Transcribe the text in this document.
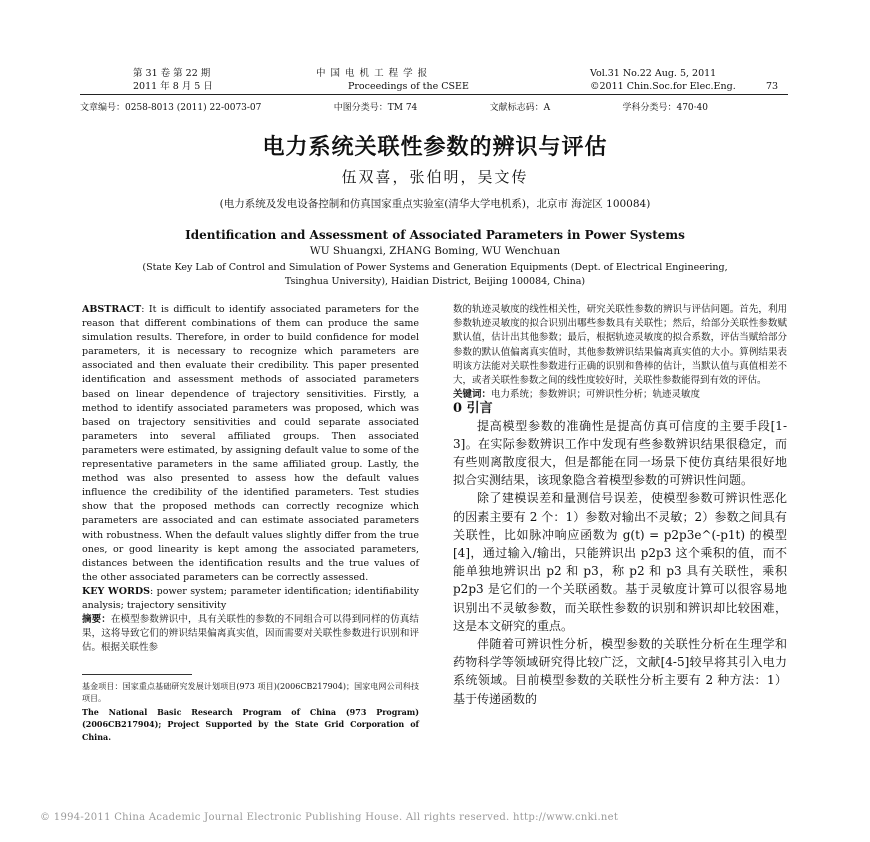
第 31 卷 第 22 期
2011 年 8 月 5 日
中 国 电 机 工 程 学 报
Proceedings of the CSEE
Vol.31 No.22 Aug. 5, 2011
©2011 Chin.Soc.for Elec.Eng.	73
文章编号：0258-8013 (2011) 22-0073-07	中图分类号：TM 74	文献标志码：A	学科分类号：470·40
电力系统关联性参数的辨识与评估
伍双喜，张伯明，吴文传
(电力系统及发电设备控制和仿真国家重点实验室(清华大学电机系)，北京市 海淀区 100084)
Identification and Assessment of Associated Parameters in Power Systems
WU Shuangxi, ZHANG Boming, WU Wenchuan
(State Key Lab of Control and Simulation of Power Systems and Generation Equipments (Dept. of Electrical Engineering, Tsinghua University), Haidian District, Beijing 100084, China)

ABSTRACT: It is difficult to identify associated parameters for the reason that different combinations of them can produce the same simulation results. Therefore, in order to build confidence for model parameters, it is necessary to recognize which parameters are associated and then evaluate their credibility. This paper presented identification and assessment methods of associated parameters based on linear dependence of trajectory sensitivities. Firstly, a method to identify associated parameters was proposed, which was based on trajectory sensitivities and could separate associated parameters into several affiliated groups. Then associated parameters were estimated, by assigning default value to some of the representative parameters in the same affiliated group. Lastly, the method was also presented to assess how the default values influence the credibility of the identified parameters. Test studies show that the proposed methods can correctly recognize which parameters are associated and can estimate associated parameters with robustness. When the default values slightly differ from the true ones, or good linearity is kept among the associated parameters, distances between the identification results and the true values of the other associated parameters can be correctly assessed.

KEY WORDS: power system; parameter identification; identifiability analysis; trajectory sensitivity

摘要：在模型参数辨识中，具有关联性的参数的不同组合可以得到同样的仿真结果，这将导致它们的辨识结果偏离真实值，因而需要对关联性参数进行识别和评估。根据关联性参

基金项目：国家重点基础研究发展计划项目(973 项目)(2006CB217904)；国家电网公司科技项目。

The National Basic Research Program of China (973 Program) (2006CB217904); Project Supported by the State Grid Corporation of China.

数的轨迹灵敏度的线性相关性，研究关联性参数的辨识与评估问题。首先，利用参数轨迹灵敏度的拟合识别出哪些参数具有关联性；然后，给部分关联性参数赋默认值，估计出其他参数；最后，根据轨迹灵敏度的拟合系数，评估当赋给部分参数的默认值偏离真实值时，其他参数辨识结果偏离真实值的大小。算例结果表明该方法能对关联性参数进行正确的识别和鲁棒的估计，当默认值与真值相差不大，或者关联性参数之间的线性度较好时，关联性参数能得到有效的评估。

关键词：电力系统；参数辨识；可辨识性分析；轨迹灵敏度

0 引言

提高模型参数的准确性是提高仿真可信度的主要手段[1-3]。在实际参数辨识工作中发现有些参数辨识结果很稳定，而有些则离散度很大，但是都能在同一场景下使仿真结果很好地拟合实测结果，该现象隐含着模型参数的可辨识性问题。

除了建模误差和量测信号误差，使模型参数可辨识性恶化的因素主要有 2 个：1）参数对输出不灵敏；2）参数之间具有关联性，比如脉冲响应函数为 g(t) = p2p3e^(-p1t) 的模型[4]，通过输入/输出，只能辨识出 p2p3 这个乘积的值，而不能单独地辨识出 p2 和 p3，称 p2 和 p3 具有关联性，乘积 p2p3 是它们的一个关联函数。基于灵敏度计算可以很容易地识别出不灵敏参数，而关联性参数的识别和辨识却比较困难，这是本文研究的重点。

伴随着可辨识性分析，模型参数的关联性分析在生理学和药物科学等领域研究得比较广泛，文献[4-5]较早将其引入电力系统领域。目前模型参数的关联性分析主要有 2 种方法：1）基于传递函数的

© 1994-2011 China Academic Journal Electronic Publishing House. All rights reserved. http://www.cnki.net
